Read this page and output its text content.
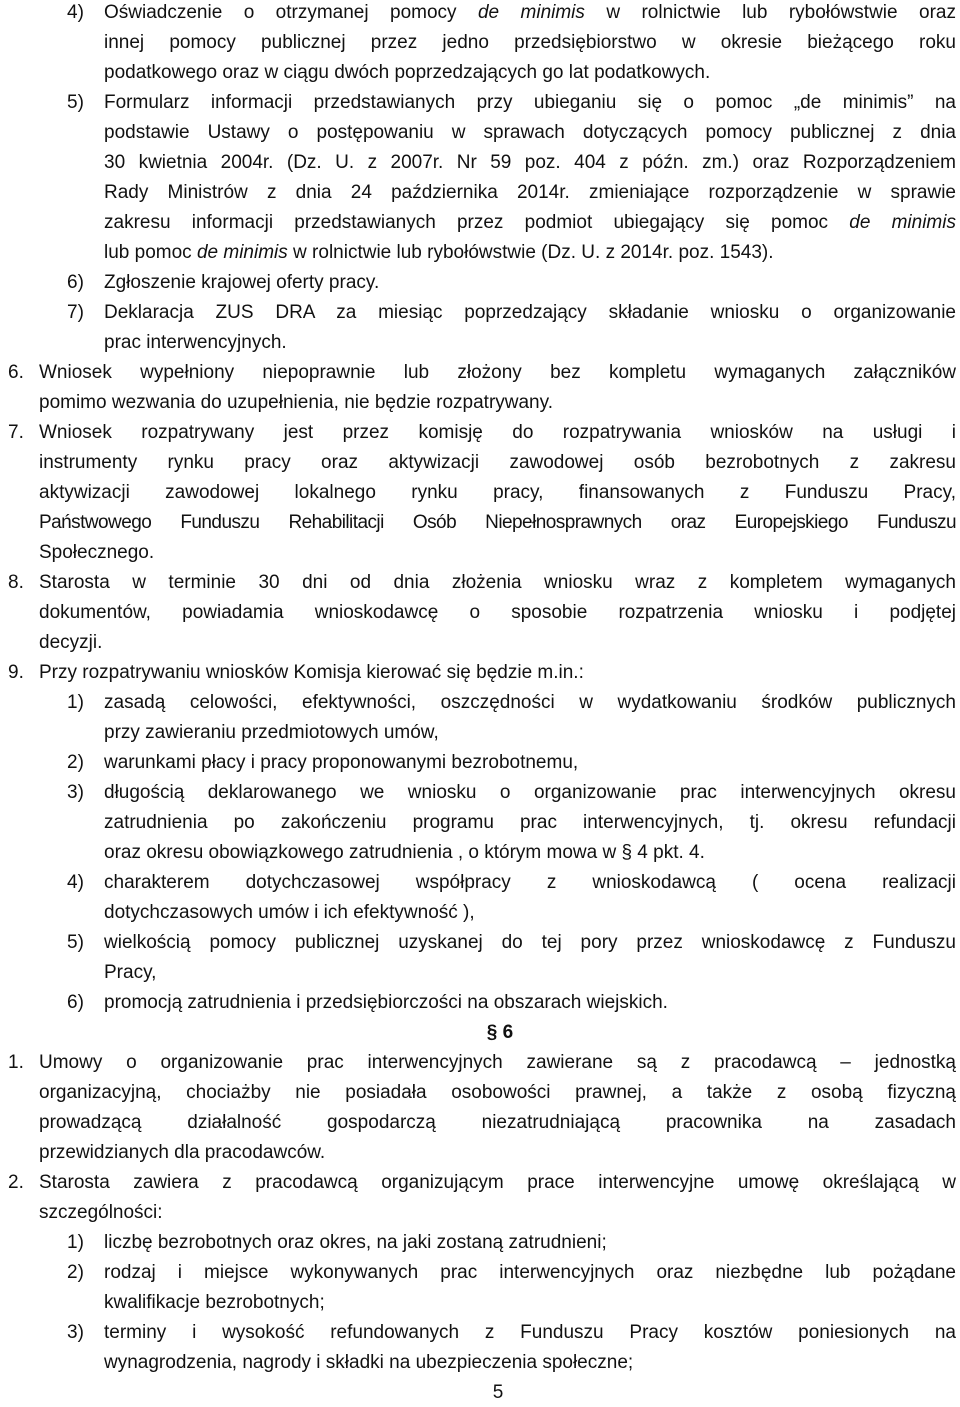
4) Oświadczenie o otrzymanej pomocy de minimis w rolnictwie lub rybołówstwie oraz
innej pomocy publicznej przez jedno przedsiębiorstwo w okresie bieżącego roku
podatkowego oraz w ciągu dwóch poprzedzających go lat podatkowych.
5) Formularz informacji przedstawianych przy ubieganiu się o pomoc „de minimis” na
podstawie Ustawy o postępowaniu w sprawach dotyczących pomocy publicznej z dnia
30 kwietnia 2004r. (Dz. U. z 2007r. Nr 59 poz. 404 z późn. zm.) oraz Rozporządzeniem
Rady Ministrów z dnia 24 października 2014r. zmieniające rozporządzenie w sprawie
zakresu informacji przedstawianych przez podmiot ubiegający się pomoc de minimis
lub pomoc de minimis w rolnictwie lub rybołówstwie (Dz. U. z 2014r. poz. 1543).
6) Zgłoszenie krajowej oferty pracy.
7) Deklaracja ZUS DRA za miesiąc poprzedzający składanie wniosku o organizowanie
prac interwencyjnych.
6. Wniosek wypełniony niepoprawnie lub złożony bez kompletu wymaganych załączników
pomimo wezwania do uzupełnienia, nie będzie rozpatrywany.
7. Wniosek rozpatrywany jest przez komisję do rozpatrywania wniosków na usługi i
instrumenty rynku pracy oraz aktywizacji zawodowej osób bezrobotnych z zakresu
aktywizacji zawodowej lokalnego rynku pracy, finansowanych z Funduszu Pracy,
Państwowego Funduszu Rehabilitacji Osób Niepełnosprawnych oraz Europejskiego Funduszu
Społecznego.
8. Starosta w terminie 30 dni od dnia złożenia wniosku wraz z kompletem wymaganych
dokumentów, powiadamia wnioskodawcę o sposobie rozpatrzenia wniosku i podjętej
decyzji.
9. Przy rozpatrywaniu wniosków Komisja kierować się będzie m.in.:
1) zasadą celowości, efektywności, oszczędności w wydatkowaniu środków publicznych
przy zawieraniu przedmiotowych umów,
2) warunkami płacy i pracy proponowanymi bezrobotnemu,
3) długością deklarowanego we wniosku o organizowanie prac interwencyjnych okresu
zatrudnienia po zakończeniu programu prac interwencyjnych, tj. okresu refundacji
oraz okresu obowiązkowego zatrudnienia , o którym mowa w § 4 pkt. 4.
4) charakterem dotychczasowej współpracy z wnioskodawcą ( ocena realizacji
dotychczasowych umów i ich efektywność ),
5) wielkością pomocy publicznej uzyskanej do tej pory przez wnioskodawcę z Funduszu
Pracy,
6) promocją zatrudnienia i przedsiębiorczości na obszarach wiejskich.
§ 6
1. Umowy o organizowanie prac interwencyjnych zawierane są z pracodawcą – jednostką
organizacyjną, chociażby nie posiadała osobowości prawnej, a także z osobą fizyczną
prowadzącą działalność gospodarczą niezatrudniającą pracownika na zasadach
przewidzianych dla pracodawców.
2. Starosta zawiera z pracodawcą organizującym prace interwencyjne umowę określającą w
szczególności:
1) liczbę bezrobotnych oraz okres, na jaki zostaną zatrudnieni;
2) rodzaj i miejsce wykonywanych prac interwencyjnych oraz niezbędne lub pożądane
kwalifikacje bezrobotnych;
3) terminy i wysokość refundowanych z Funduszu Pracy kosztów poniesionych na
wynagrodzenia, nagrody i składki na ubezpieczenia społeczne;
5
